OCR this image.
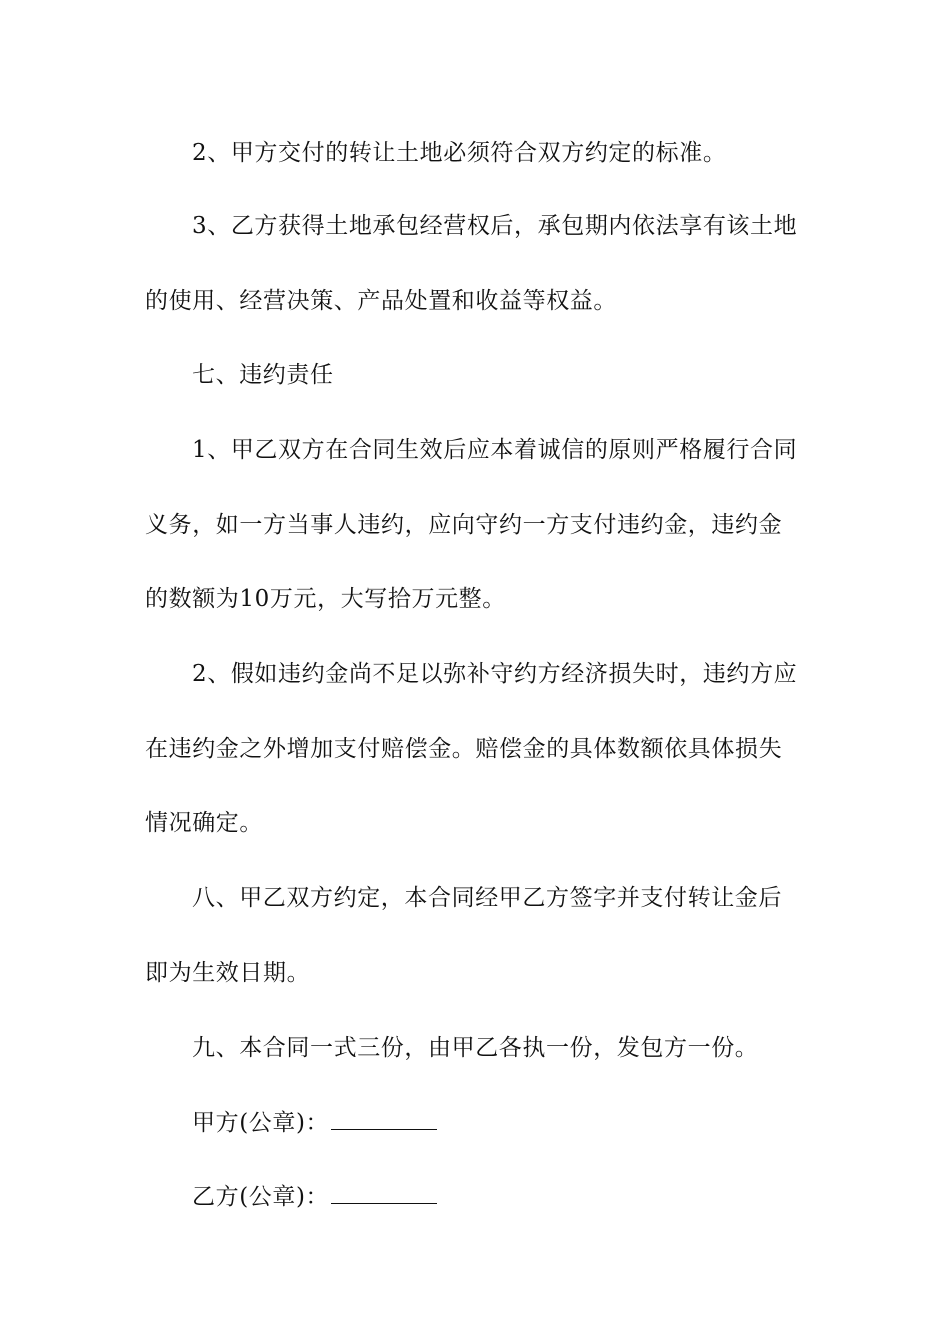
2、甲方交付的转让土地必须符合双方约定的标准。
3、乙方获得土地承包经营权后，承包期内依法享有该土地
的使用、经营决策、产品处置和收益等权益。
七、违约责任
1、甲乙双方在合同生效后应本着诚信的原则严格履行合同
义务，如一方当事人违约，应向守约一方支付违约金，违约金
的数额为10万元，大写拾万元整。
2、假如违约金尚不足以弥补守约方经济损失时，违约方应
在违约金之外增加支付赔偿金。赔偿金的具体数额依具体损失
情况确定。
八、甲乙双方约定，本合同经甲乙方签字并支付转让金后
即为生效日期。
九、本合同一式三份，由甲乙各执一份，发包方一份。
甲方(公章)：
乙方(公章)：
